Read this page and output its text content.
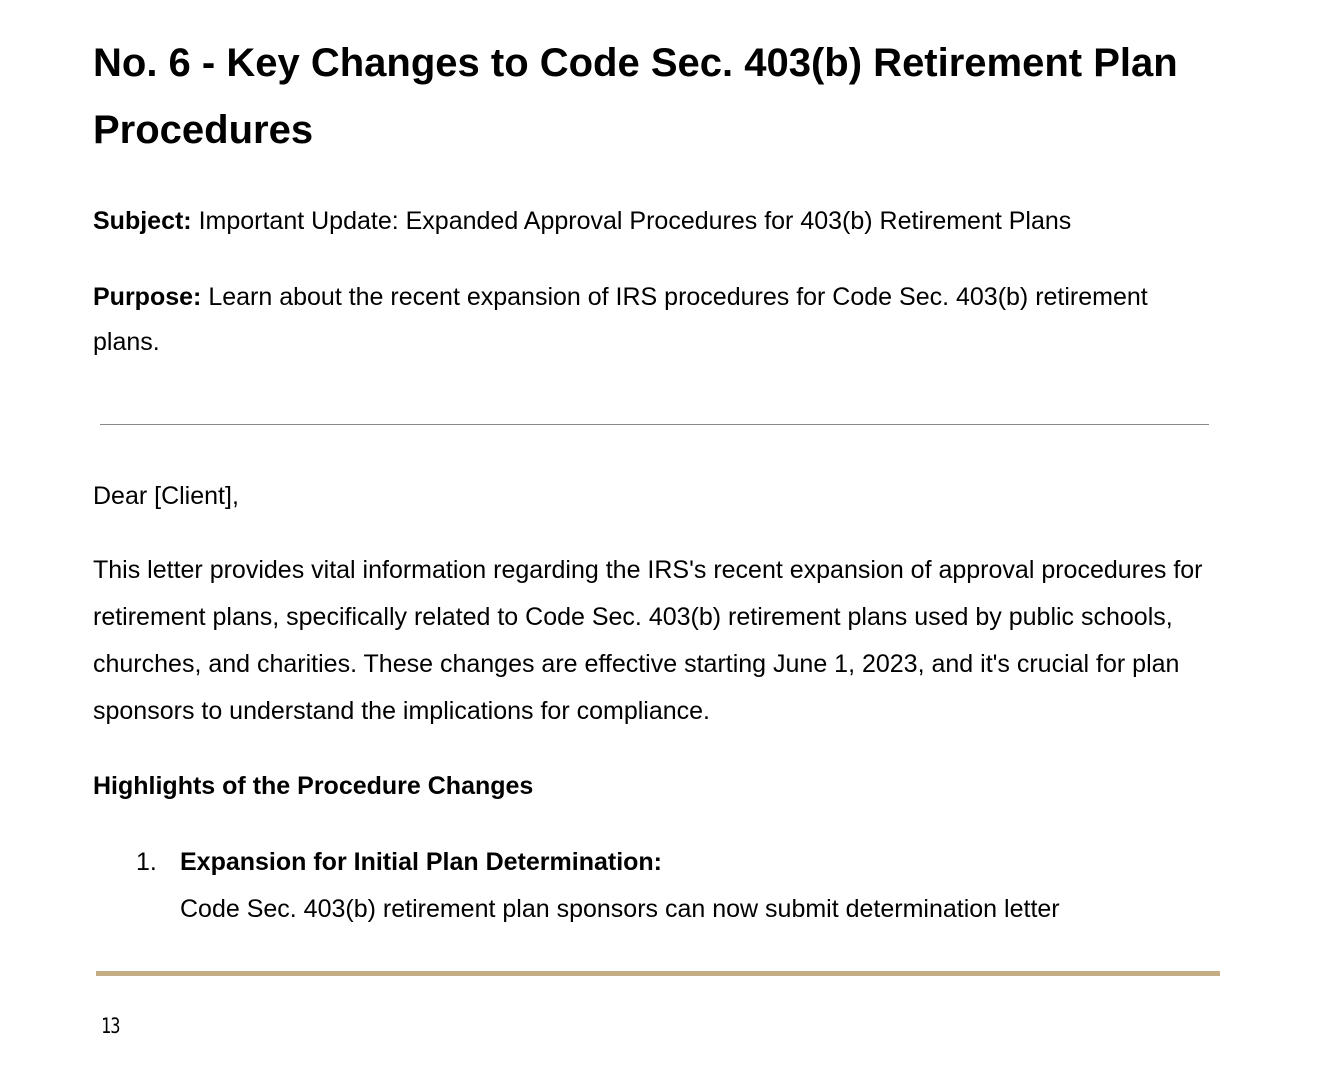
No. 6 - Key Changes to Code Sec. 403(b) Retirement Plan Procedures

Subject: Important Update: Expanded Approval Procedures for 403(b) Retirement Plans

Purpose: Learn about the recent expansion of IRS procedures for Code Sec. 403(b) retirement plans.

Dear [Client],

This letter provides vital information regarding the IRS's recent expansion of approval procedures for retirement plans, specifically related to Code Sec. 403(b) retirement plans used by public schools, churches, and charities. These changes are effective starting June 1, 2023, and it's crucial for plan sponsors to understand the implications for compliance.

Highlights of the Procedure Changes

1. Expansion for Initial Plan Determination:
Code Sec. 403(b) retirement plan sponsors can now submit determination letter
13
